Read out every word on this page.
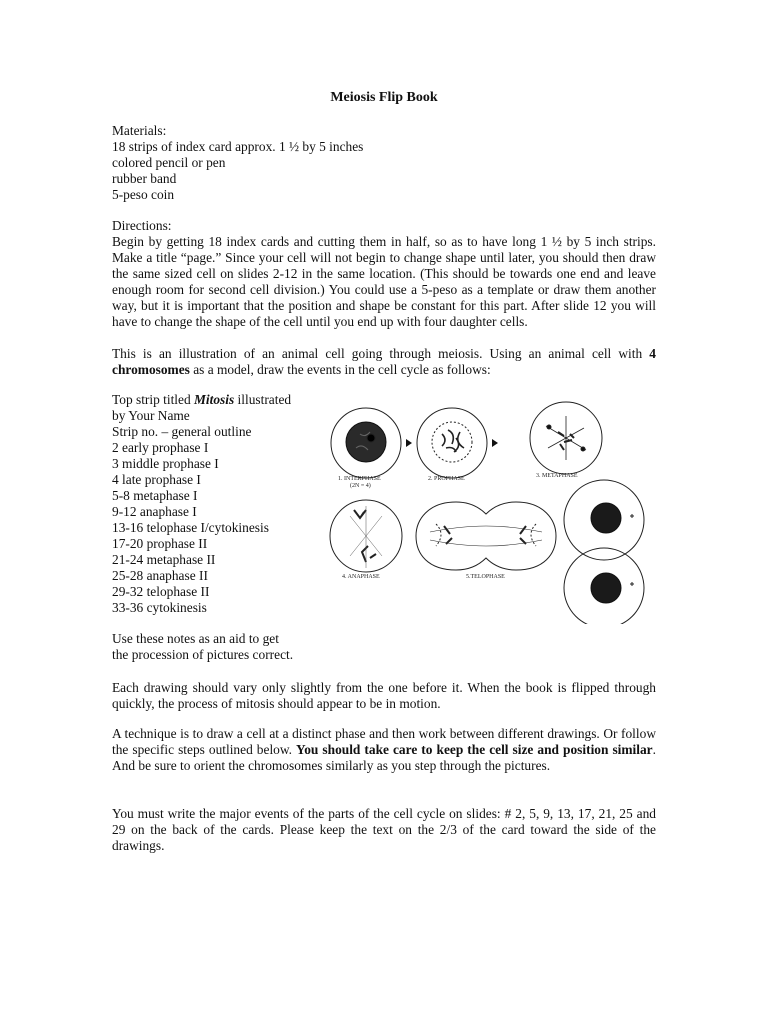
Meiosis Flip Book
Materials:
18 strips of index card approx. 1 ½ by 5 inches
colored pencil or pen
rubber band
5-peso coin
Directions:

Begin by getting 18 index cards and cutting them in half, so as to have long 1 ½ by 5 inch strips. Make a title “page.” Since your cell will not begin to change shape until later, you should then draw the same sized cell on slides 2-12 in the same location. (This should be towards one end and leave enough room for second cell division.) You could use a 5-peso as a template or draw them another way, but it is important that the position and shape be constant for this part. After slide 12 you will have to change the shape of the cell until you end up with four daughter cells.

This is an illustration of an animal cell going through meiosis. Using an animal cell with 4 chromosomes as a model, draw the events in the cell cycle as follows:
Top strip titled Mitosis illustrated
by Your Name
Strip no. – general outline
2 early prophase I
3 middle prophase I
4 late prophase I
5-8 metaphase I
9-12 anaphase I
13-16 telophase I/cytokinesis
17-20 prophase II
21-24 metaphase II
25-28 anaphase II
29-32 telophase II
33-36 cytokinesis
1. INTERPHASE
(2N = 4)
2. PROPHASE	3. METAPHASE
4. ANAPHASE	5.TELOPHASE
Use these notes as an aid to get
the procession of pictures correct.
Each drawing should vary only slightly from the one before it. When the book is flipped through quickly, the process of mitosis should appear to be in motion.
A technique is to draw a cell at a distinct phase and then work between different drawings. Or follow the specific steps outlined below. You should take care to keep the cell size and position similar. And be sure to orient the chromosomes similarly as you step through the pictures.
You must write the major events of the parts of the cell cycle on slides: # 2, 5, 9, 13, 17, 21, 25 and 29 on the back of the cards. Please keep the text on the 2/3 of the card toward the side of the drawings.
